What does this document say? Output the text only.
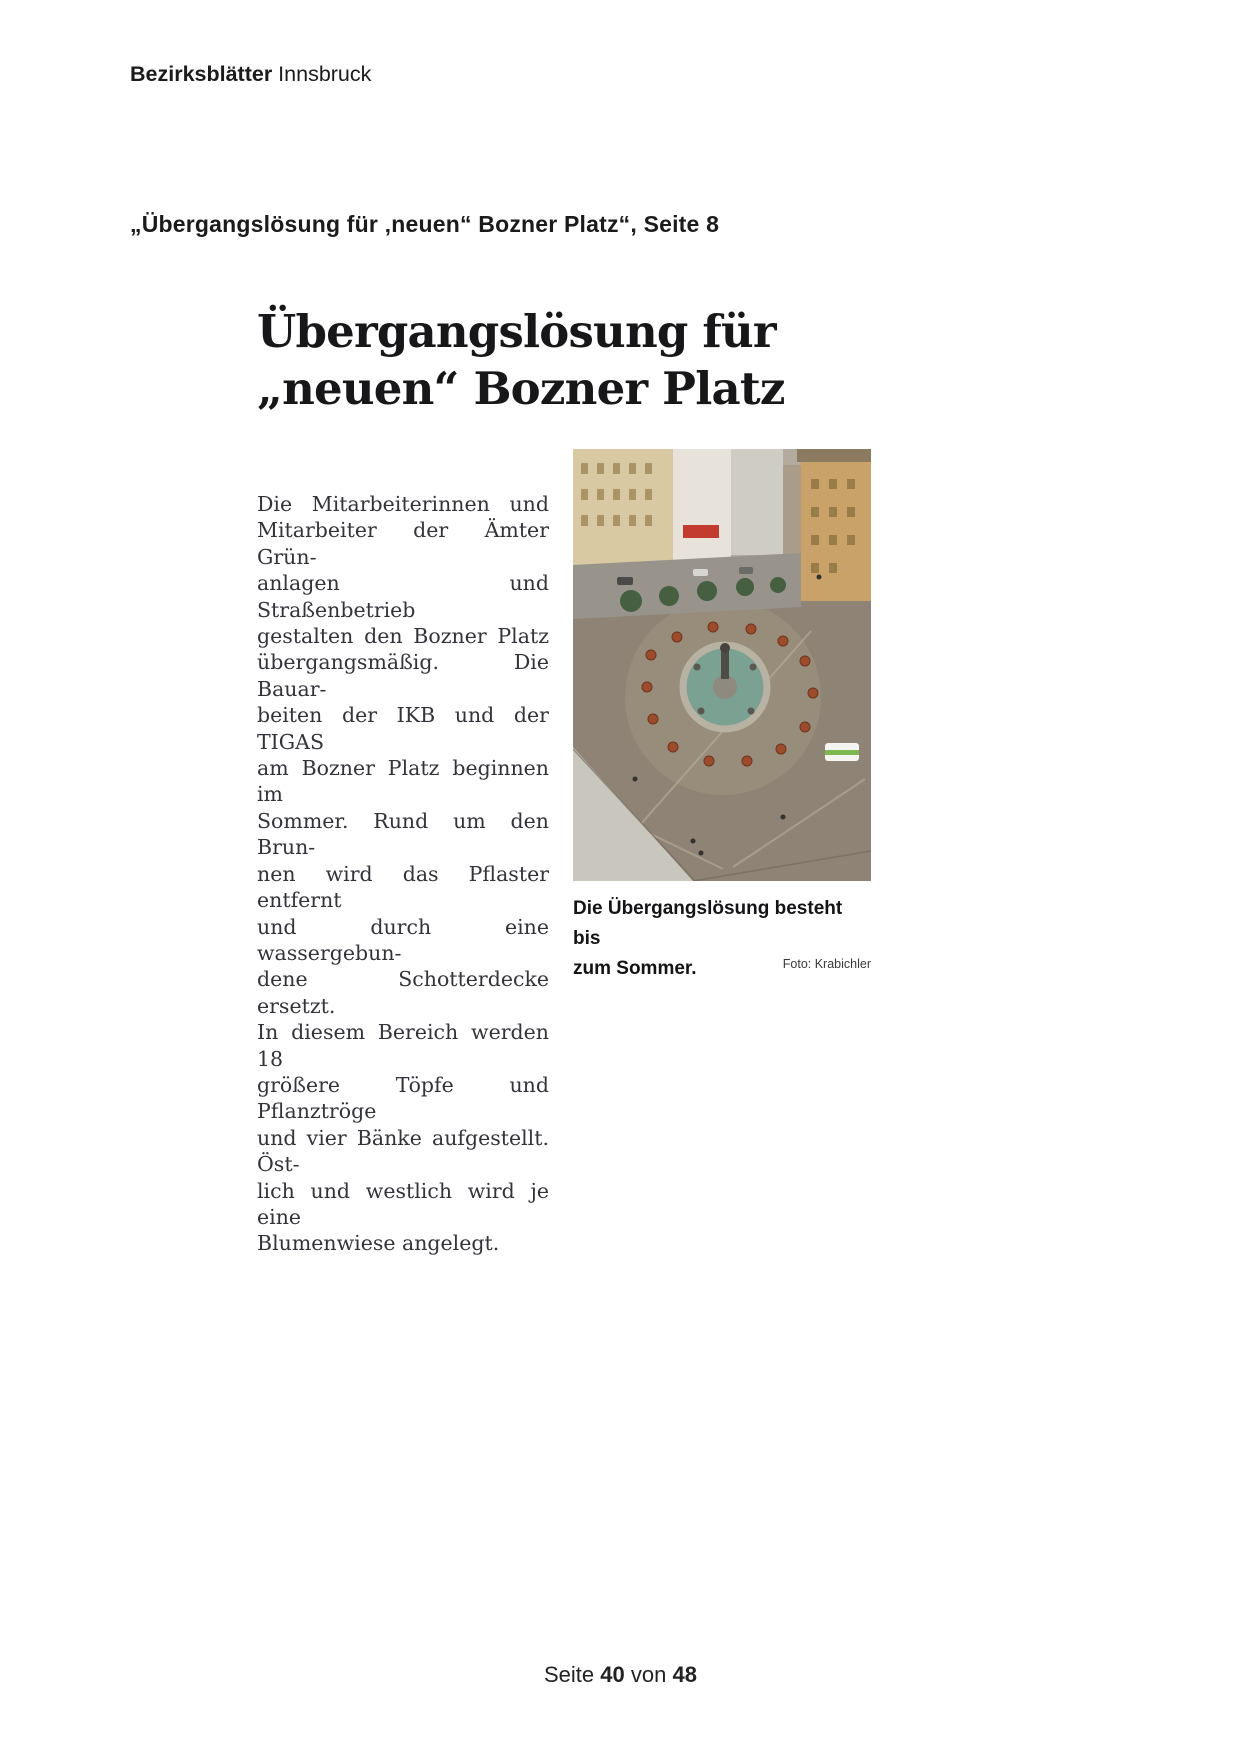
Bezirksblätter Innsbruck
„Übergangslösung für ‚neuen“ Bozner Platz“, Seite 8
Übergangslösung für
„neuen“ Bozner Platz
Die Mitarbeiterinnen und
Mitarbeiter der Ämter Grün-
anlagen und Straßenbetrieb
gestalten den Bozner Platz
übergangsmäßig. Die Bauar-
beiten der IKB und der TIGAS
am Bozner Platz beginnen im
Sommer. Rund um den Brun-
nen wird das Pflaster entfernt
und durch eine wassergebun-
dene Schotterdecke ersetzt.
In diesem Bereich werden 18
größere Töpfe und Pflanztröge
und vier Bänke aufgestellt. Öst-
lich und westlich wird je eine
Blumenwiese angelegt.
Die Übergangslösung besteht bis
zum Sommer.	Foto: Krabichler
Seite 40 von 48
